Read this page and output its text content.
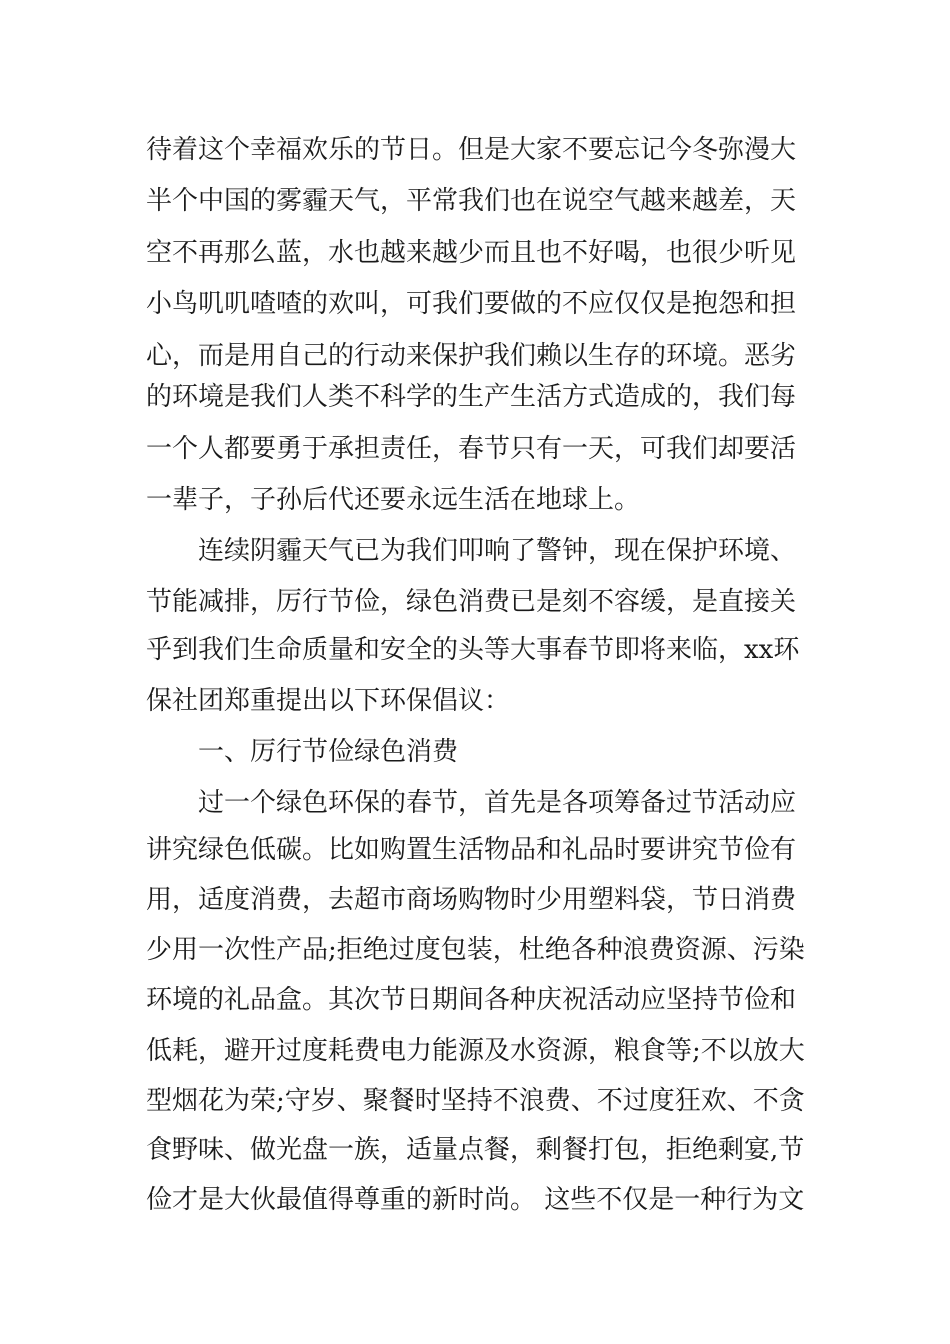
待着这个幸福欢乐的节日。但是大家不要忘记今冬弥漫大
半个中国的雾霾天气，平常我们也在说空气越来越差，天
空不再那么蓝，水也越来越少而且也不好喝，也很少听见
小鸟叽叽喳喳的欢叫，可我们要做的不应仅仅是抱怨和担
心，而是用自己的行动来保护我们赖以生存的环境。恶劣
的环境是我们人类不科学的生产生活方式造成的，我们每
一个人都要勇于承担责任，春节只有一天，可我们却要活
一辈子，子孙后代还要永远生活在地球上。
连续阴霾天气已为我们叩响了警钟，现在保护环境、
节能减排，厉行节俭，绿色消费已是刻不容缓，是直接关
乎到我们生命质量和安全的头等大事春节即将来临，xx环
保社团郑重提出以下环保倡议：
一、厉行节俭绿色消费
过一个绿色环保的春节，首先是各项筹备过节活动应
讲究绿色低碳。比如购置生活物品和礼品时要讲究节俭有
用，适度消费，去超市商场购物时少用塑料袋，节日消费
少用一次性产品;拒绝过度包装，杜绝各种浪费资源、污染
环境的礼品盒。其次节日期间各种庆祝活动应坚持节俭和
低耗，避开过度耗费电力能源及水资源，粮食等;不以放大
型烟花为荣;守岁、聚餐时坚持不浪费、不过度狂欢、不贪
食野味、做光盘一族，适量点餐，剩餐打包，拒绝剩宴,节
俭才是大伙最值得尊重的新时尚。 这些不仅是一种行为文
